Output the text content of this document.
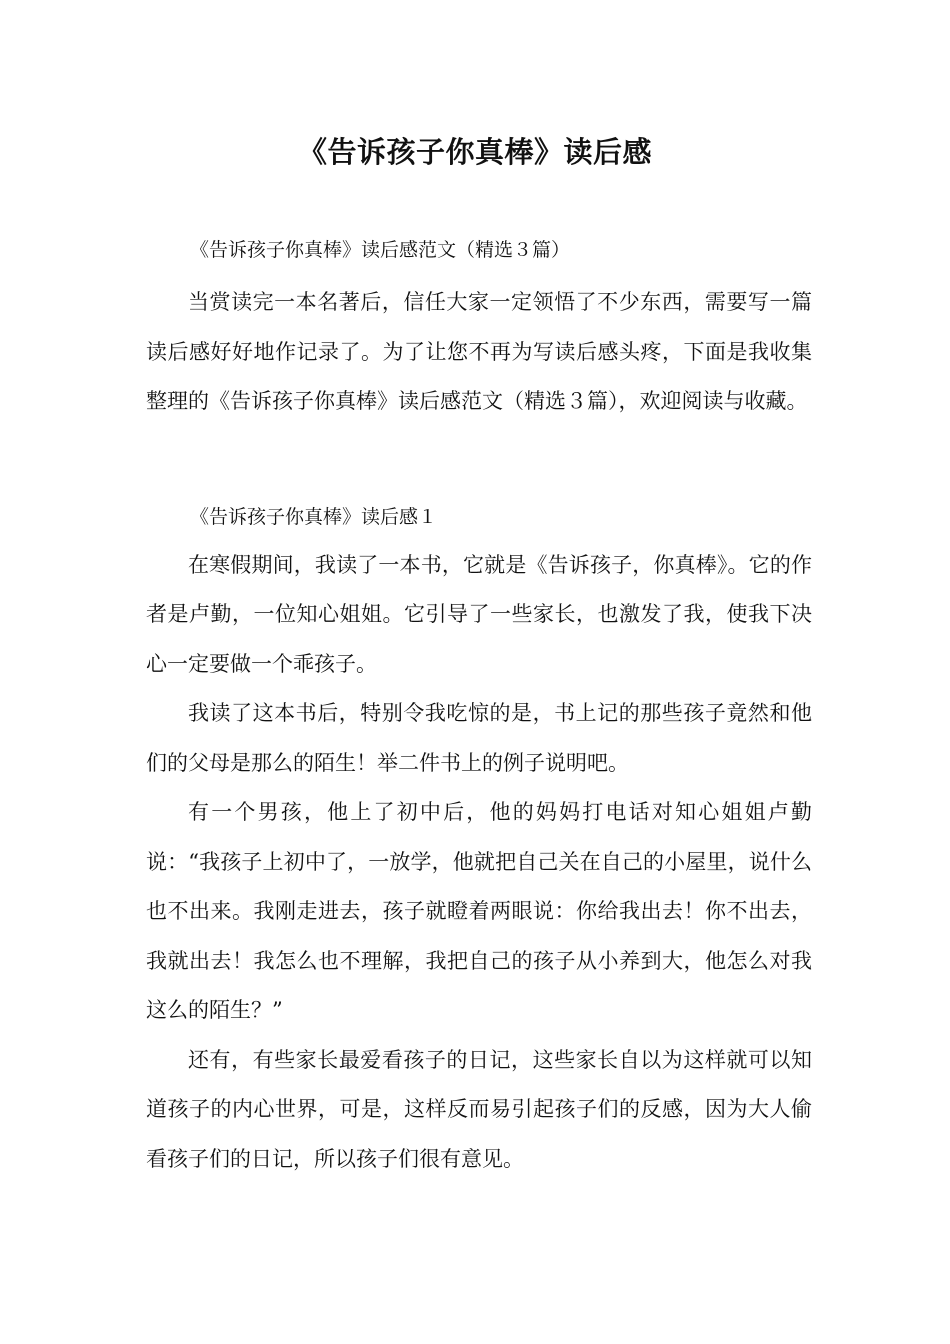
《告诉孩子你真棒》读后感
《告诉孩子你真棒》读后感范文（精选３篇）

当赏读完一本名著后，信任大家一定领悟了不少东西，需要写一篇读后感好好地作记录了。为了让您不再为写读后感头疼，下面是我收集整理的《告诉孩子你真棒》读后感范文（精选３篇），欢迎阅读与收藏。

《告诉孩子你真棒》读后感１

在寒假期间，我读了一本书，它就是《告诉孩子，你真棒》。它的作者是卢勤，一位知心姐姐。它引导了一些家长，也激发了我，使我下决心一定要做一个乖孩子。

我读了这本书后，特别令我吃惊的是，书上记的那些孩子竟然和他们的父母是那么的陌生！举二件书上的例子说明吧。

有一个男孩，他上了初中后，他的妈妈打电话对知心姐姐卢勤说：“我孩子上初中了，一放学，他就把自己关在自己的小屋里，说什么也不出来。我刚走进去，孩子就瞪着两眼说：你给我出去！你不出去，我就出去！我怎么也不理解，我把自己的孩子从小养到大，他怎么对我这么的陌生？”

还有，有些家长最爱看孩子的日记，这些家长自以为这样就可以知道孩子的内心世界，可是，这样反而易引起孩子们的反感，因为大人偷看孩子们的日记，所以孩子们很有意见。
